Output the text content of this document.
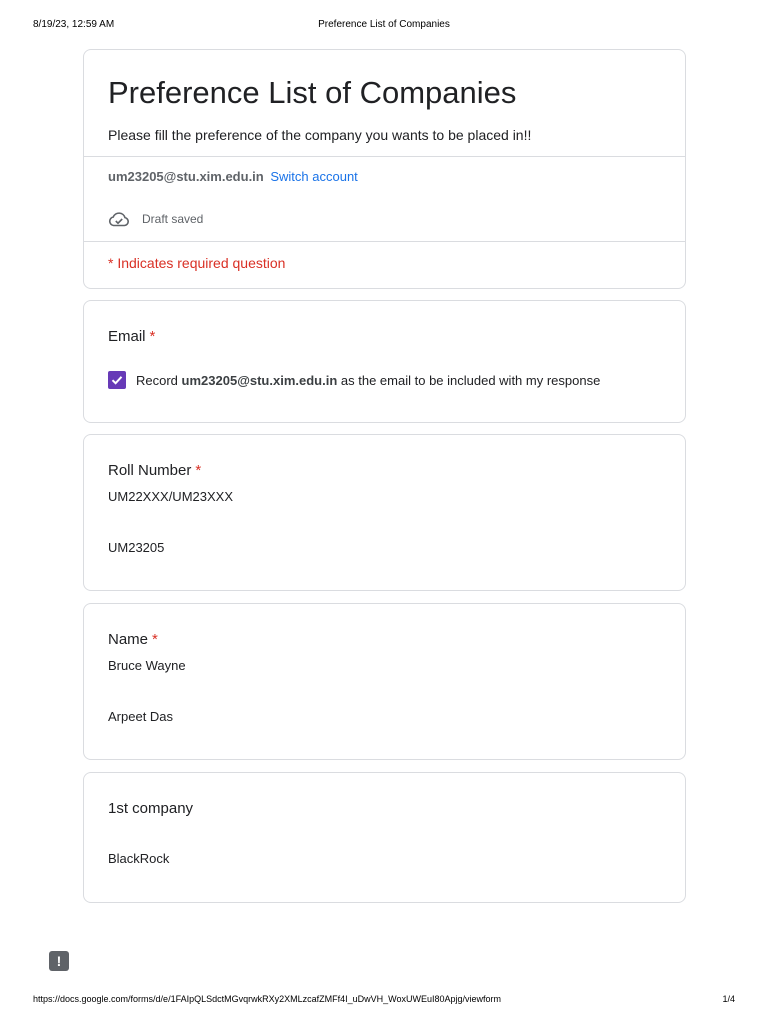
8/19/23, 12:59 AM	Preference List of Companies
Preference List of Companies
Please fill the preference of the company you wants to be placed in!!
um23205@stu.xim.edu.in Switch account
Draft saved
* Indicates required question
Email *
Record um23205@stu.xim.edu.in as the email to be included with my response
Roll Number *
UM22XXX/UM23XXX
UM23205
Name *
Bruce Wayne
Arpeet Das
1st company
BlackRock
!
https://docs.google.com/forms/d/e/1FAIpQLSdctMGvqrwkRXy2XMLzcafZMFf4I_uDwVH_WoxUWEuI80Apjg/viewform	1/4
